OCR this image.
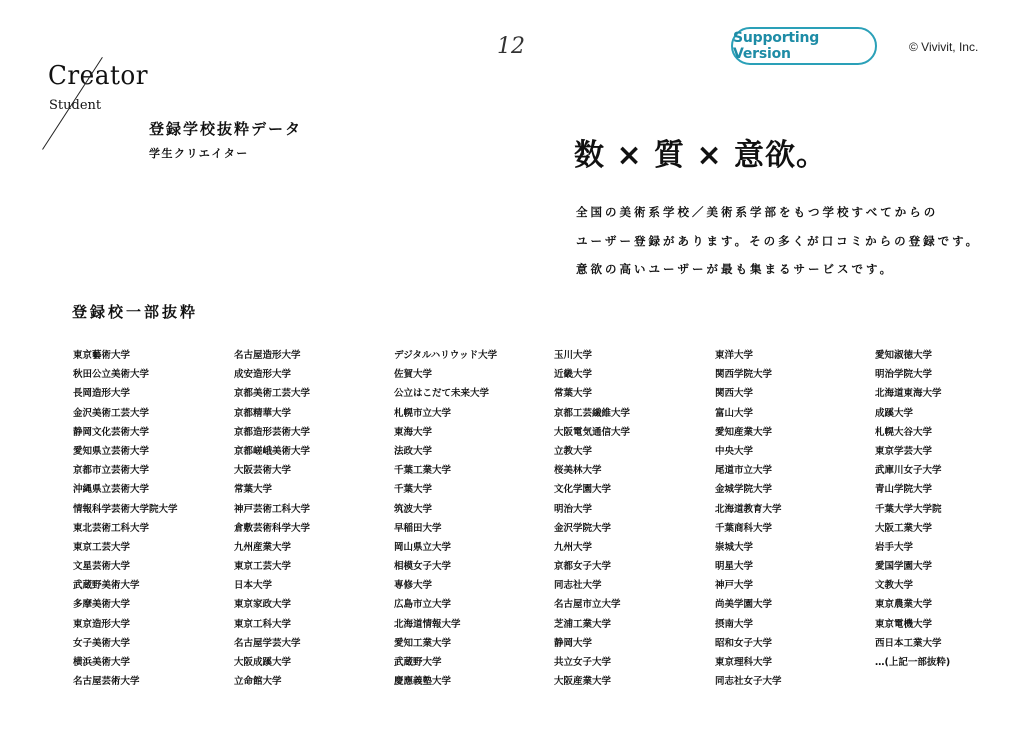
Creator
Student
登録学校抜粋データ
学生クリエイター
12	Supporting Version	© Vivivit, Inc.
数 × 質 × 意欲。
全国の美術系学校／美術系学部をもつ学校すべてからの
ユーザー登録があります。その多くが口コミからの登録です。
意欲の高いユーザーが最も集まるサービスです。
登録校一部抜粋
東京藝術大学
秋田公立美術大学
長岡造形大学
金沢美術工芸大学
静岡文化芸術大学
愛知県立芸術大学
京都市立芸術大学
沖縄県立芸術大学
情報科学芸術大学院大学
東北芸術工科大学
東京工芸大学
文星芸術大学
武蔵野美術大学
多摩美術大学
東京造形大学
女子美術大学
横浜美術大学
名古屋芸術大学
名古屋造形大学
成安造形大学
京都美術工芸大学
京都精華大学
京都造形芸術大学
京都嵯峨美術大学
大阪芸術大学
常葉大学
神戸芸術工科大学
倉敷芸術科学大学
九州産業大学
東京工芸大学
日本大学
東京家政大学
東京工科大学
名古屋学芸大学
大阪成蹊大学
立命館大学
デジタルハリウッド大学
佐賀大学
公立はこだて未来大学
札幌市立大学
東海大学
法政大学
千葉工業大学
千葉大学
筑波大学
早稲田大学
岡山県立大学
相模女子大学
専修大学
広島市立大学
北海道情報大学
愛知工業大学
武蔵野大学
慶應義塾大学
玉川大学
近畿大学
常葉大学
京都工芸繊維大学
大阪電気通信大学
立教大学
桜美林大学
文化学園大学
明治大学
金沢学院大学
九州大学
京都女子大学
同志社大学
名古屋市立大学
芝浦工業大学
静岡大学
共立女子大学
大阪産業大学
東洋大学
関西学院大学
関西大学
富山大学
愛知産業大学
中央大学
尾道市立大学
金城学院大学
北海道教育大学
千葉商科大学
崇城大学
明星大学
神戸大学
尚美学園大学
摂南大学
昭和女子大学
東京理科大学
同志社女子大学
愛知淑徳大学
明治学院大学
北海道東海大学
成蹊大学
札幌大谷大学
東京学芸大学
武庫川女子大学
青山学院大学
千葉大学大学院
大阪工業大学
岩手大学
愛国学園大学
文教大学
東京農業大学
東京電機大学
西日本工業大学
…(上記一部抜粋)
